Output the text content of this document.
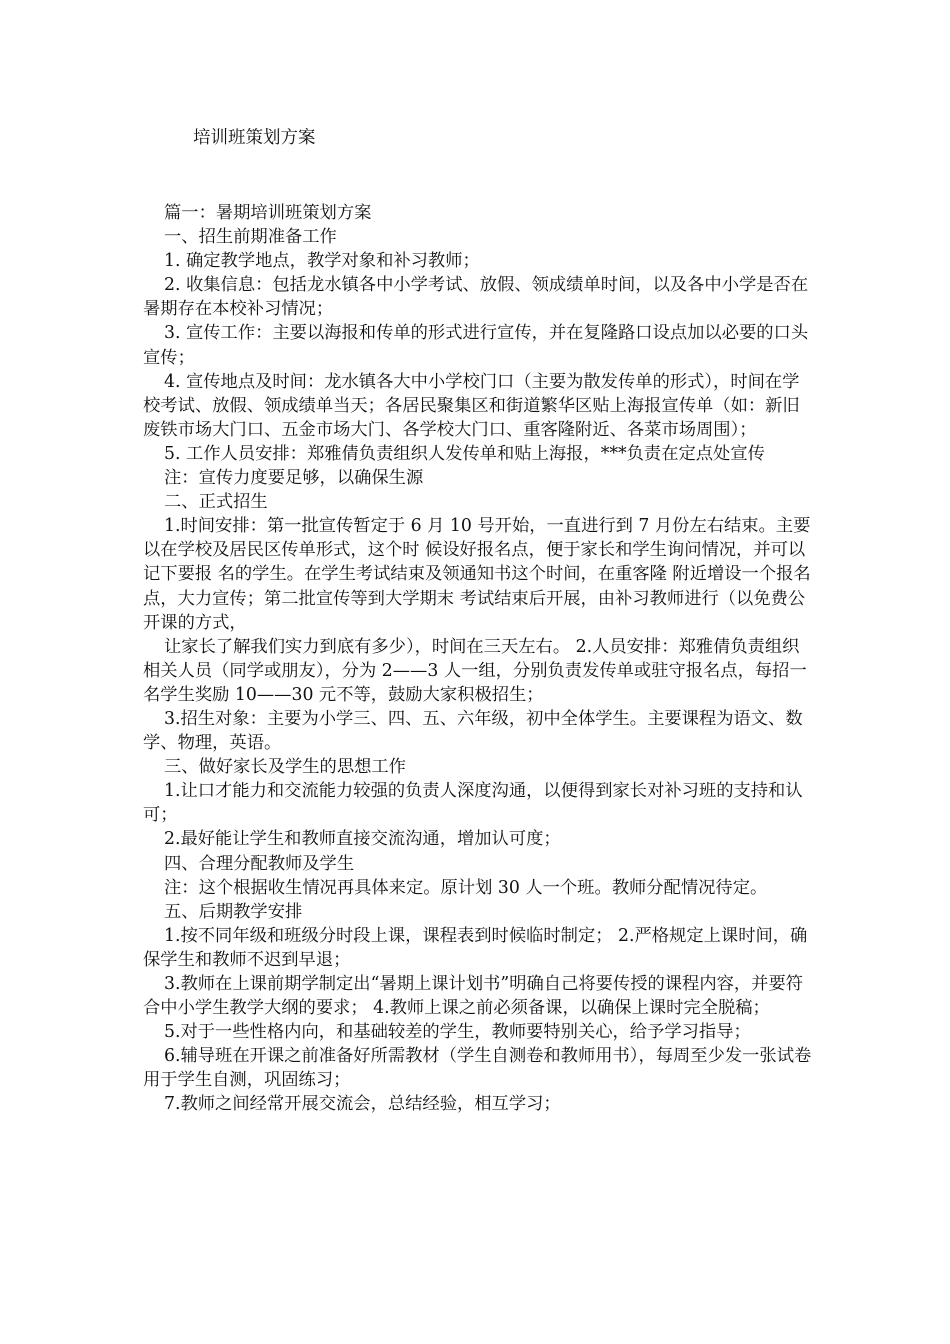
培训班策划方案

篇一：暑期培训班策划方案

一、招生前期准备工作

1. 确定教学地点，教学对象和补习教师；

2. 收集信息：包括龙水镇各中小学考试、放假、领成绩单时间，以及各中小学是否在暑期存在本校补习情况；

3. 宣传工作：主要以海报和传单的形式进行宣传，并在复隆路口设点加以必要的口头宣传；

4. 宣传地点及时间：龙水镇各大中小学校门口（主要为散发传单的形式），时间在学校考试、放假、领成绩单当天；各居民聚集区和街道繁华区贴上海报宣传单（如：新旧废铁市场大门口、五金市场大门、各学校大门口、重客隆附近、各菜市场周围）；

5. 工作人员安排：郑雅倩负责组织人发传单和贴上海报，***负责在定点处宣传

注：宣传力度要足够，以确保生源

二、正式招生

1.时间安排：第一批宣传暂定于 6 月 10 号开始，一直进行到 7 月份左右结束。主要以在学校及居民区传单形式，这个时 候设好报名点，便于家长和学生询问情况，并可以记下要报 名的学生。在学生考试结束及领通知书这个时间，在重客隆 附近增设一个报名点，大力宣传；第二批宣传等到大学期末 考试结束后开展，由补习教师进行（以免费公开课的方式，

让家长了解我们实力到底有多少），时间在三天左右。 2.人员安排：郑雅倩负责组织相关人员（同学或朋友），分为 2——3 人一组，分别负责发传单或驻守报名点，每招一名学生奖励 10——30 元不等，鼓励大家积极招生；

3.招生对象：主要为小学三、四、五、六年级，初中全体学生。主要课程为语文、数学、物理，英语。

三、做好家长及学生的思想工作

1.让口才能力和交流能力较强的负责人深度沟通，以便得到家长对补习班的支持和认可；

2.最好能让学生和教师直接交流沟通，增加认可度；

四、合理分配教师及学生

注：这个根据收生情况再具体来定。原计划 30 人一个班。教师分配情况待定。

五、后期教学安排

1.按不同年级和班级分时段上课，课程表到时候临时制定； 2.严格规定上课时间，确保学生和教师不迟到早退；

3.教师在上课前期学制定出“暑期上课计划书”明确自己将要传授的课程内容，并要符合中小学生教学大纲的要求； 4.教师上课之前必须备课，以确保上课时完全脱稿；

5.对于一些性格内向，和基础较差的学生，教师要特别关心，给予学习指导；

6.辅导班在开课之前准备好所需教材（学生自测卷和教师用书），每周至少发一张试卷用于学生自测，巩固练习；

7.教师之间经常开展交流会，总结经验，相互学习；
